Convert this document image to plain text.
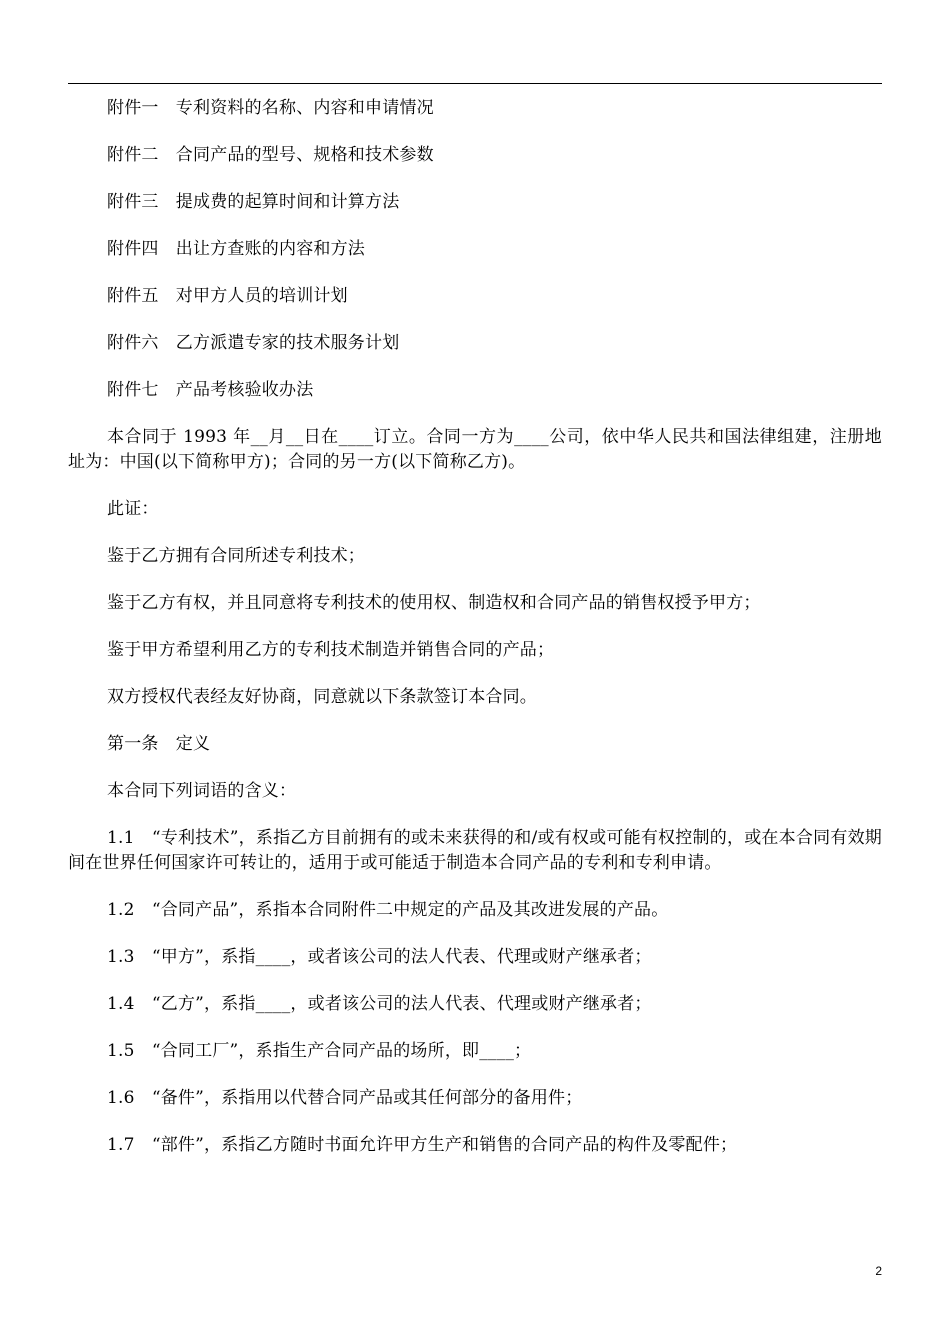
附件一　专利资料的名称、内容和申请情况

附件二　合同产品的型号、规格和技术参数

附件三　提成费的起算时间和计算方法

附件四　出让方查账的内容和方法

附件五　对甲方人员的培训计划

附件六　乙方派遣专家的技术服务计划

附件七　产品考核验收办法

本合同于 1993 年__月__日在____订立。合同一方为____公司，依中华人民共和国法律组建，注册地址为：中国(以下简称甲方)；合同的另一方(以下简称乙方)。

此证：

鉴于乙方拥有合同所述专利技术；

鉴于乙方有权，并且同意将专利技术的使用权、制造权和合同产品的销售权授予甲方；

鉴于甲方希望利用乙方的专利技术制造并销售合同的产品；

双方授权代表经友好协商，同意就以下条款签订本合同。

第一条　定义

本合同下列词语的含义：

1.1　“专利技术”，系指乙方目前拥有的或未来获得的和/或有权或可能有权控制的，或在本合同有效期间在世界任何国家许可转让的，适用于或可能适于制造本合同产品的专利和专利申请。

1.2　“合同产品”，系指本合同附件二中规定的产品及其改进发展的产品。

1.3　“甲方”，系指____，或者该公司的法人代表、代理或财产继承者；

1.4　“乙方”，系指____，或者该公司的法人代表、代理或财产继承者；

1.5　“合同工厂”，系指生产合同产品的场所，即____；

1.6　“备件”，系指用以代替合同产品或其任何部分的备用件；

1.7　“部件”，系指乙方随时书面允许甲方生产和销售的合同产品的构件及零配件；

2
